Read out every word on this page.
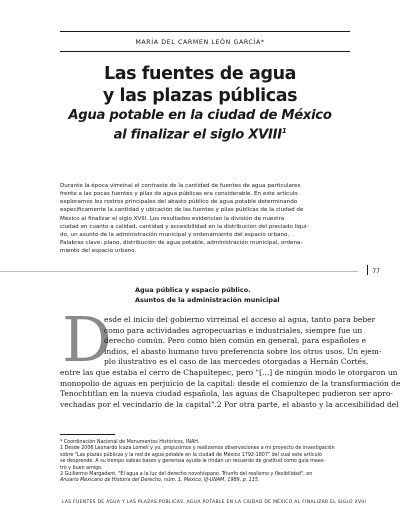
MARÍA DEL CARMEN LEÓN GARCÍA*
Las fuentes de agua
y las plazas públicas
Agua potable en la ciudad de México
al finalizar el siglo XVIII$^1$

Durante la época virreinal el contraste de la cantidad de fuentes de agua particulares

frente a las pocas fuentes y pilas de agua públicas era considerable. En este artículo

exploramos los rostros principales del abasto público de agua potable determinando

específicamente la cantidad y ubicación de las fuentes y pilas públicas de la ciudad de

México al finalizar el siglo XVIII. Los resultados evidencian la división de nuestra

ciudad en cuanto a calidad, cantidad y accesibilidad en la distribución del preciado líqui-

do, un asunto de la administración municipal y ordenamiento del espacio urbano.

Palabras clave: plano, distribución de agua potable, administración municipal, ordena-

miento del espacio urbano.

77
Agua pública y espacio público.
Asuntos de la administración municipal
D
esde el inicio del gobierno virreinal el acceso al agua, tanto para beber
como para actividades agropecuarias e industriales, siempre fue un
derecho común. Pero como bien común en general, para españoles e
indios, el abasto humano tuvo preferencia sobre los otros usos. Un ejem-
plo ilustrativo es el caso de las mercedes otorgadas a Hernán Cortés,
entre las que estaba el cerro de Chapultepec, pero "[...] de ningún modo le otorgaron un
monopolio de aguas en perjuicio de la capital: desde el comienzo de la transformación de
Tenochtitlan en la nueva ciudad española, las aguas de Chapultepec pudieron ser apro-
vechadas por el vecindario de la capital".2 Por otra parte, el abasto y la accesibilidad del

* Coordinación Nacional de Monumentos Históricos, INAH.

1 Desde 2006 Leonardo Icaza Lomelí y yo, propusimos y realizamos observaciones a mi proyecto de investigación

sobre "Las plazas públicas y la red de agua potable en la ciudad de México 1792-1807" del cual este artículo

se desprende. A su tiempo sabias bases y generosa ayuda le rindan un recuerdo de gratitud como guía maes-

tro y buen amigo.

2 Guillermo Margadant, "El agua a la luz del derecho novohispano. Triunfo del realismo y flexibilidad", en

Anuario Mexicano de Historia del Derecho, núm. 1, México, IIJ-UNAM, 1989, p. 115.

LAS FUENTES DE AGUA Y LAS PLAZAS PÚBLICAS. AGUA POTABLE EN LA CIUDAD DE MÉXICO AL FINALIZAR EL SIGLO XVIII
